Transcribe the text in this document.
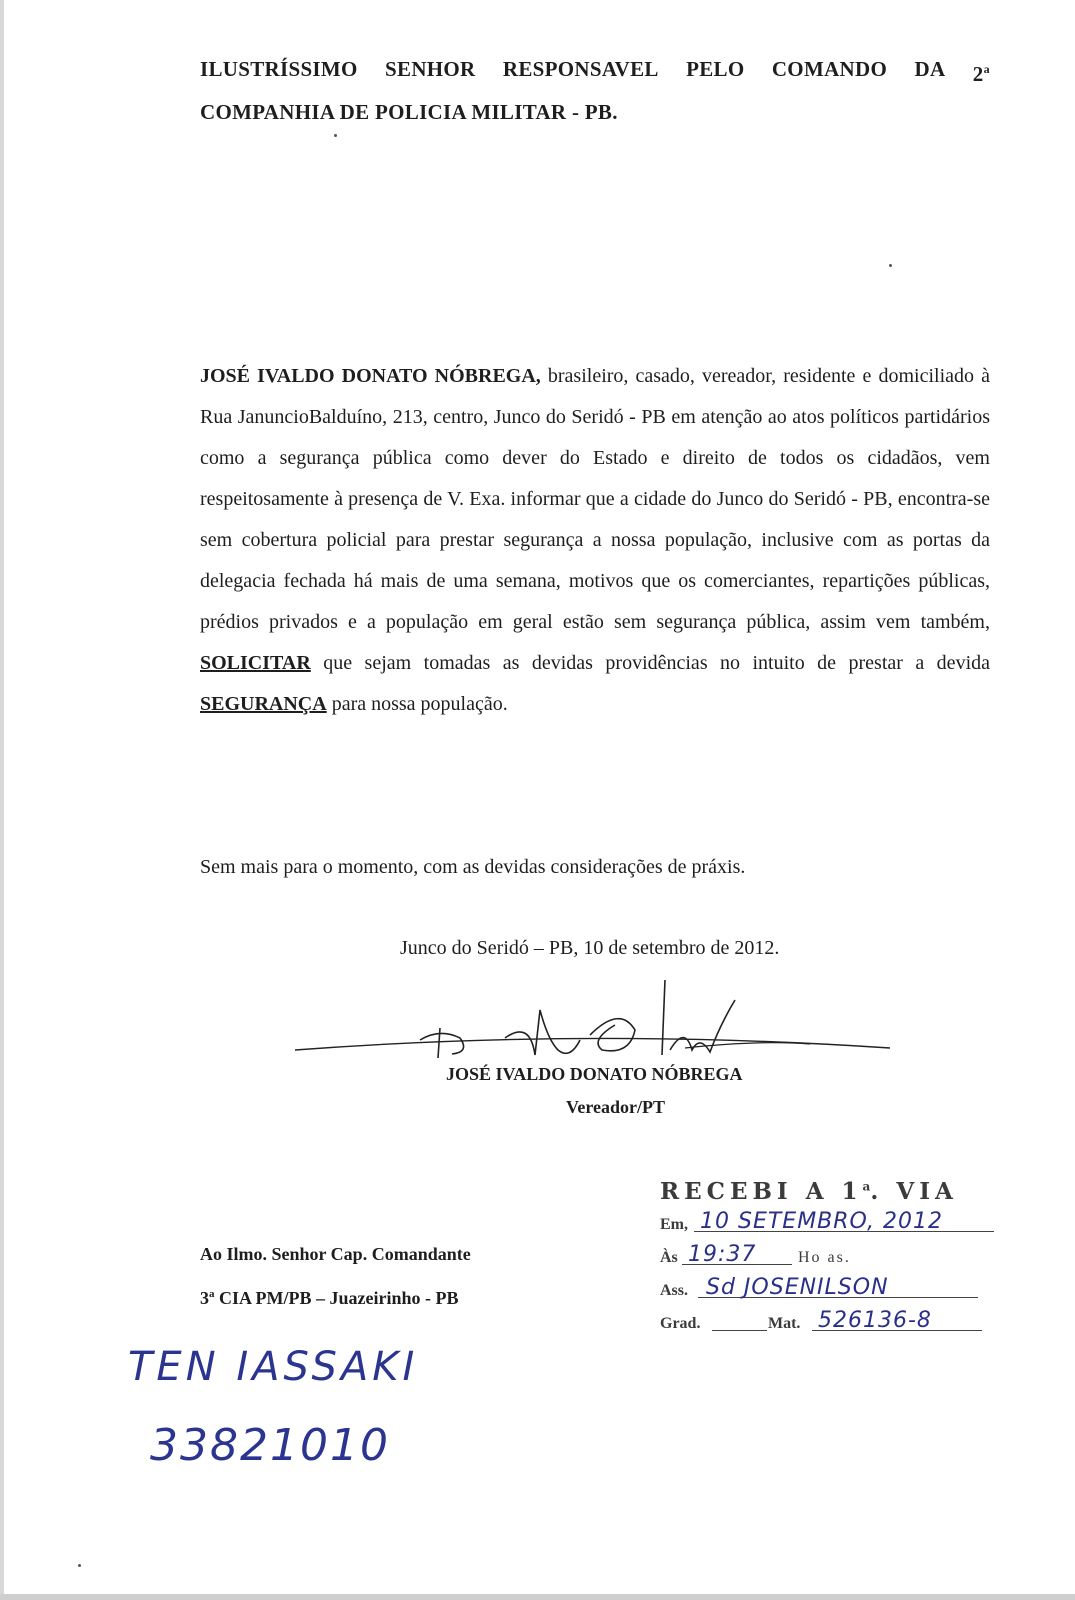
ILUSTRÍSSIMO SENHOR RESPONSAVEL PELO COMANDO DA 2$^a$
COMPANHIA DE POLICIA MILITAR - PB.
JOSÉ IVALDO DONATO NÓBREGA, brasileiro, casado, vereador, residente e domiciliado à Rua JanuncioBalduíno, 213, centro, Junco do Seridó - PB em atenção ao atos políticos partidários como a segurança pública como dever do Estado e direito de todos os cidadãos, vem respeitosamente à presença de V. Exa. informar que a cidade do Junco do Seridó - PB, encontra-se sem cobertura policial para prestar segurança a nossa população, inclusive com as portas da delegacia fechada há mais de uma semana, motivos que os comerciantes, repartições públicas, prédios privados e a população em geral estão sem segurança pública, assim vem também, SOLICITAR que sejam tomadas as devidas providências no intuito de prestar a devida SEGURANÇA para nossa população.
Sem mais para o momento, com as devidas considerações de práxis.
Junco do Seridó – PB, 10 de setembro de 2012.
JOSÉ IVALDO DONATO NÓBREGA
Vereador/PT
Ao Ilmo. Senhor Cap. Comandante
3$^a$ CIA PM/PB – Juazeirinho - PB
RECEBI A 1$^a$. VIA
Em, 10 SETEMBRO, 2012
Às 19:37	Ho as.
Ass. Sd JOSENILSON
Grad.	Mat. 526136-8
TEN IASSAKI
33821010
